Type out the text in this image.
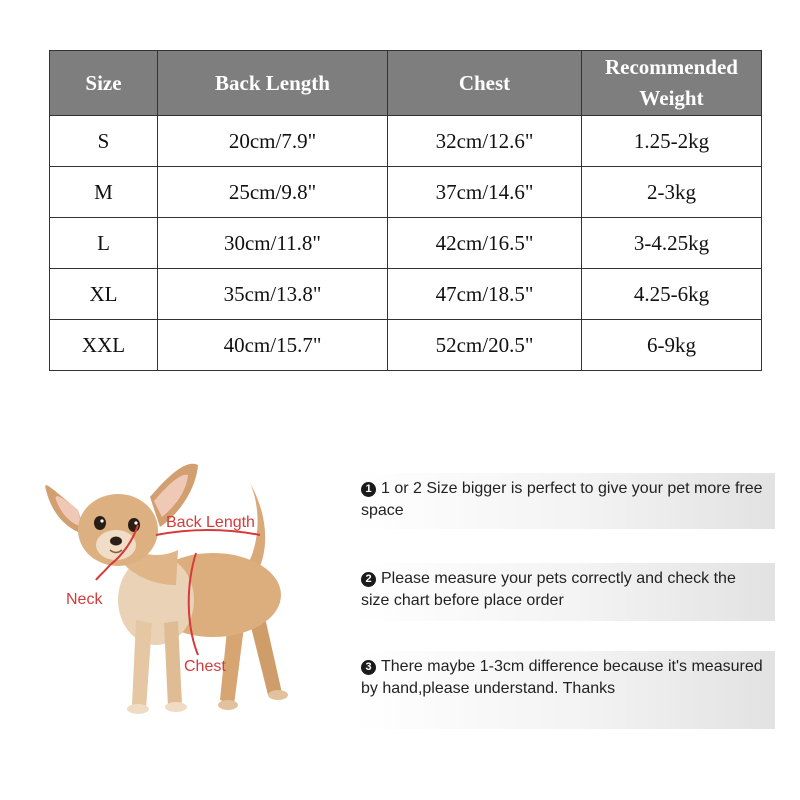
Size	Back Length	Chest	Recommended Weight
S	20cm/7.9"	32cm/12.6"	1.25-2kg
M	25cm/9.8"	37cm/14.6"	2-3kg
L	30cm/11.8"	42cm/16.5"	3-4.25kg
XL	35cm/13.8"	47cm/18.5"	4.25-6kg
XXL	40cm/15.7"	52cm/20.5"	6-9kg
Back Length
Neck
Chest
1 1 or 2 Size bigger is perfect to give your pet more free space
2 Please measure your pets correctly and check the size chart before place order
3 There maybe 1-3cm difference because it's measured by hand,please understand. Thanks
